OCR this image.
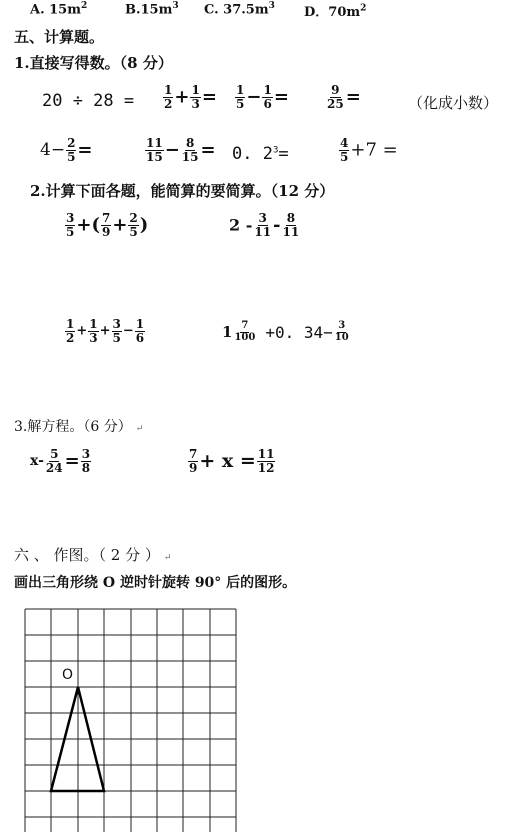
A. $15m^2$	$B.15m^3$ C. $37.5m^3$ D．$70m^2$
五、计算题。
1.直接写得数。（8 分）
$20 \div 28 = \frac{1}{2} + \frac{1}{3} = \frac{1}{5} - \frac{1}{6}$ =	$\frac{9}{25}$ =	（化成小数）
$4- \frac{2}{5}$ =	$\frac{11}{15} - \frac{8}{15} = 0$. $2^3=$	$\frac{4}{5} +7$ =
2.计算下面各题，能简算的要简算。（12 分）
$\frac{3}{5}$ +( $\frac{7}{9} + \frac{2}{5}$ )	$2 - \frac{3}{11} - \frac{8}{11}$
$\frac{1}{2} + \frac{1}{3} + \frac{3}{5} - \frac{1}{6}$	$1 \frac{7}{100} +0$. $34- \frac{3}{10}$
3.解方程。（6 分） ↵
$x- \frac{5}{24} = \frac{3}{8}$	$\frac{7}{9} + x = \frac{11}{12}$
六 、 作图。（ 2 分 ） ↵
画出三角形绕 O 逆时针旋转 90° 后的图形。
O
